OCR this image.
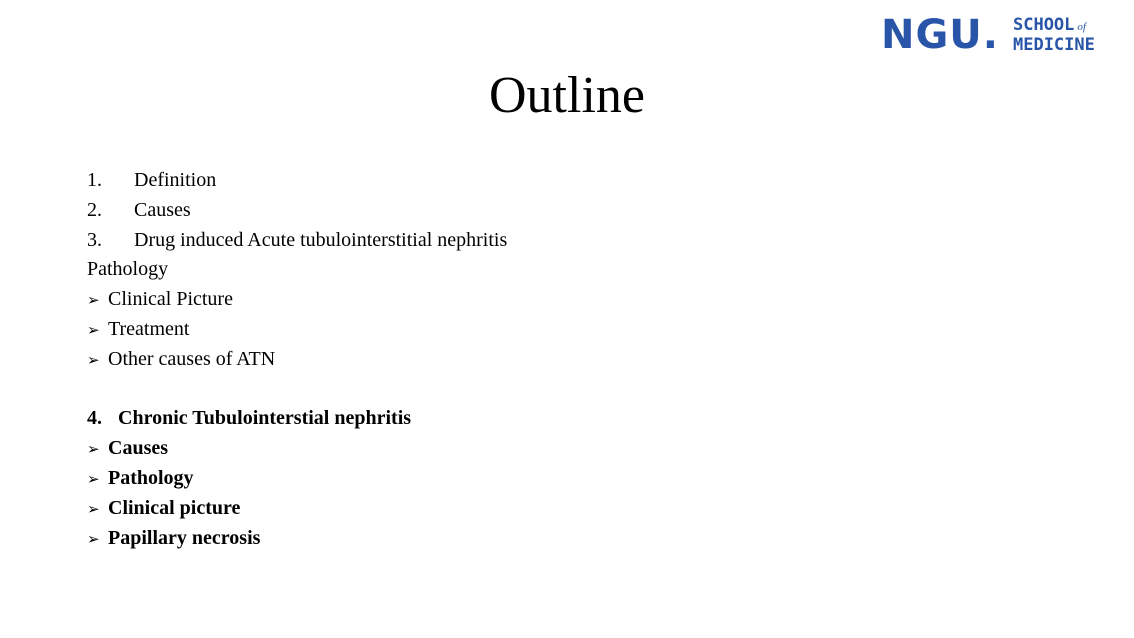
NGU. SCHOOL of
MEDICINE
Outline
1.	Definition
2.	Causes
3.	Drug induced Acute tubulointerstitial nephritis
Pathology
➢ Clinical Picture
➢ Treatment
➢ Other causes of ATN
4. Chronic Tubulointerstial nephritis
➢ Causes
➢ Pathology
➢ Clinical picture
➢ Papillary necrosis
